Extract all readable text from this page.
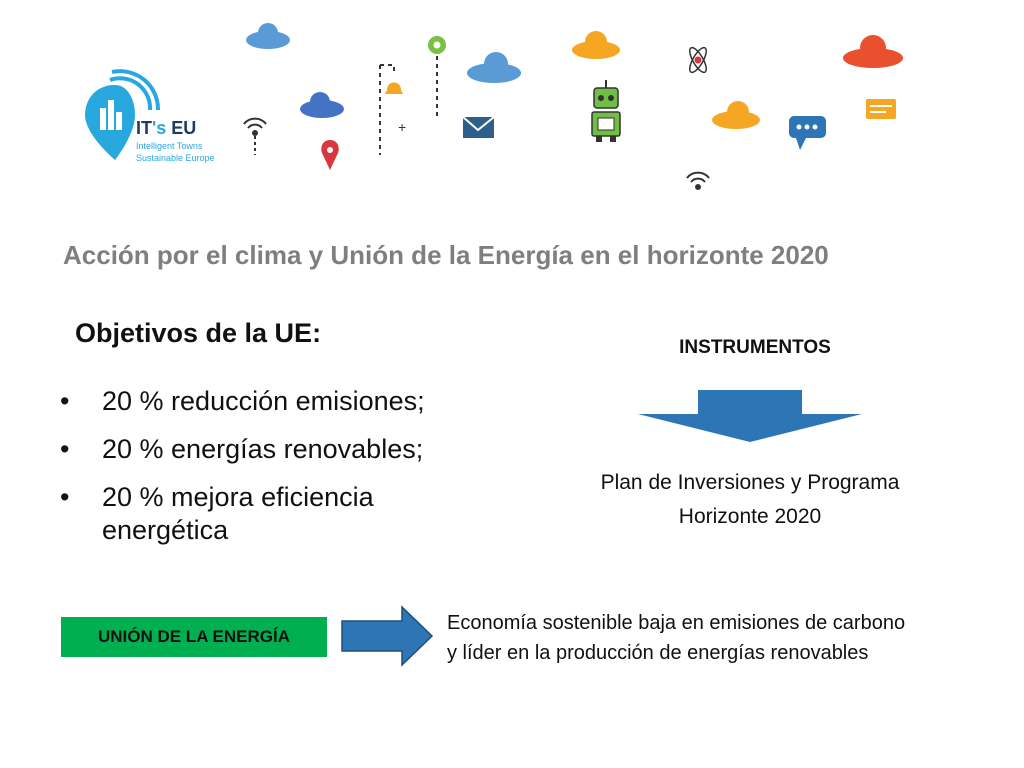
+
IT's EU
Intelligent Towns
Sustainable Europe
Acción por el clima y Unión de la Energía en el horizonte 2020
Objetivos de la UE:
• 20 % reducción emisiones;
• 20 % energías renovables;
• 20 % mejora eficiencia energética
INSTRUMENTOS
Plan de Inversiones y Programa
Horizonte 2020
UNIÓN DE LA ENERGÍA
Economía sostenible baja en emisiones de carbono
y líder en la producción de energías renovables
